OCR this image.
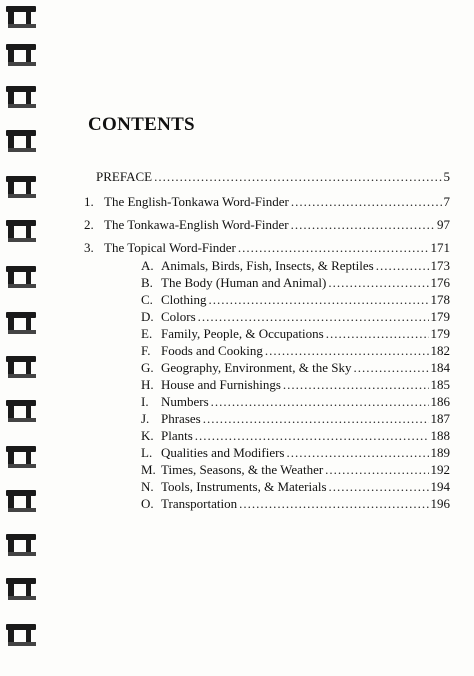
CONTENTS
PREFACE .....	5
1. The English-Tonkawa Word-Finder .....	7
2. The Tonkawa-English Word-Finder .....	97
3. The Topical Word-Finder .....	171
A. Animals, Birds, Fish, Insects, & Reptiles .....	173
B. The Body (Human and Animal) .....	176
C. Clothing .....	178
D. Colors .....	179
E. Family, People, & Occupations .....	179
F. Foods and Cooking .....	182
G. Geography, Environment, & the Sky .....	184
H. House and Furnishings .....	185
I. Numbers .....	186
J. Phrases .....	187
K. Plants .....	188
L. Qualities and Modifiers .....	189
M. Times, Seasons, & the Weather .....	192
N. Tools, Instruments, & Materials .....	194
O. Transportation .....	196
